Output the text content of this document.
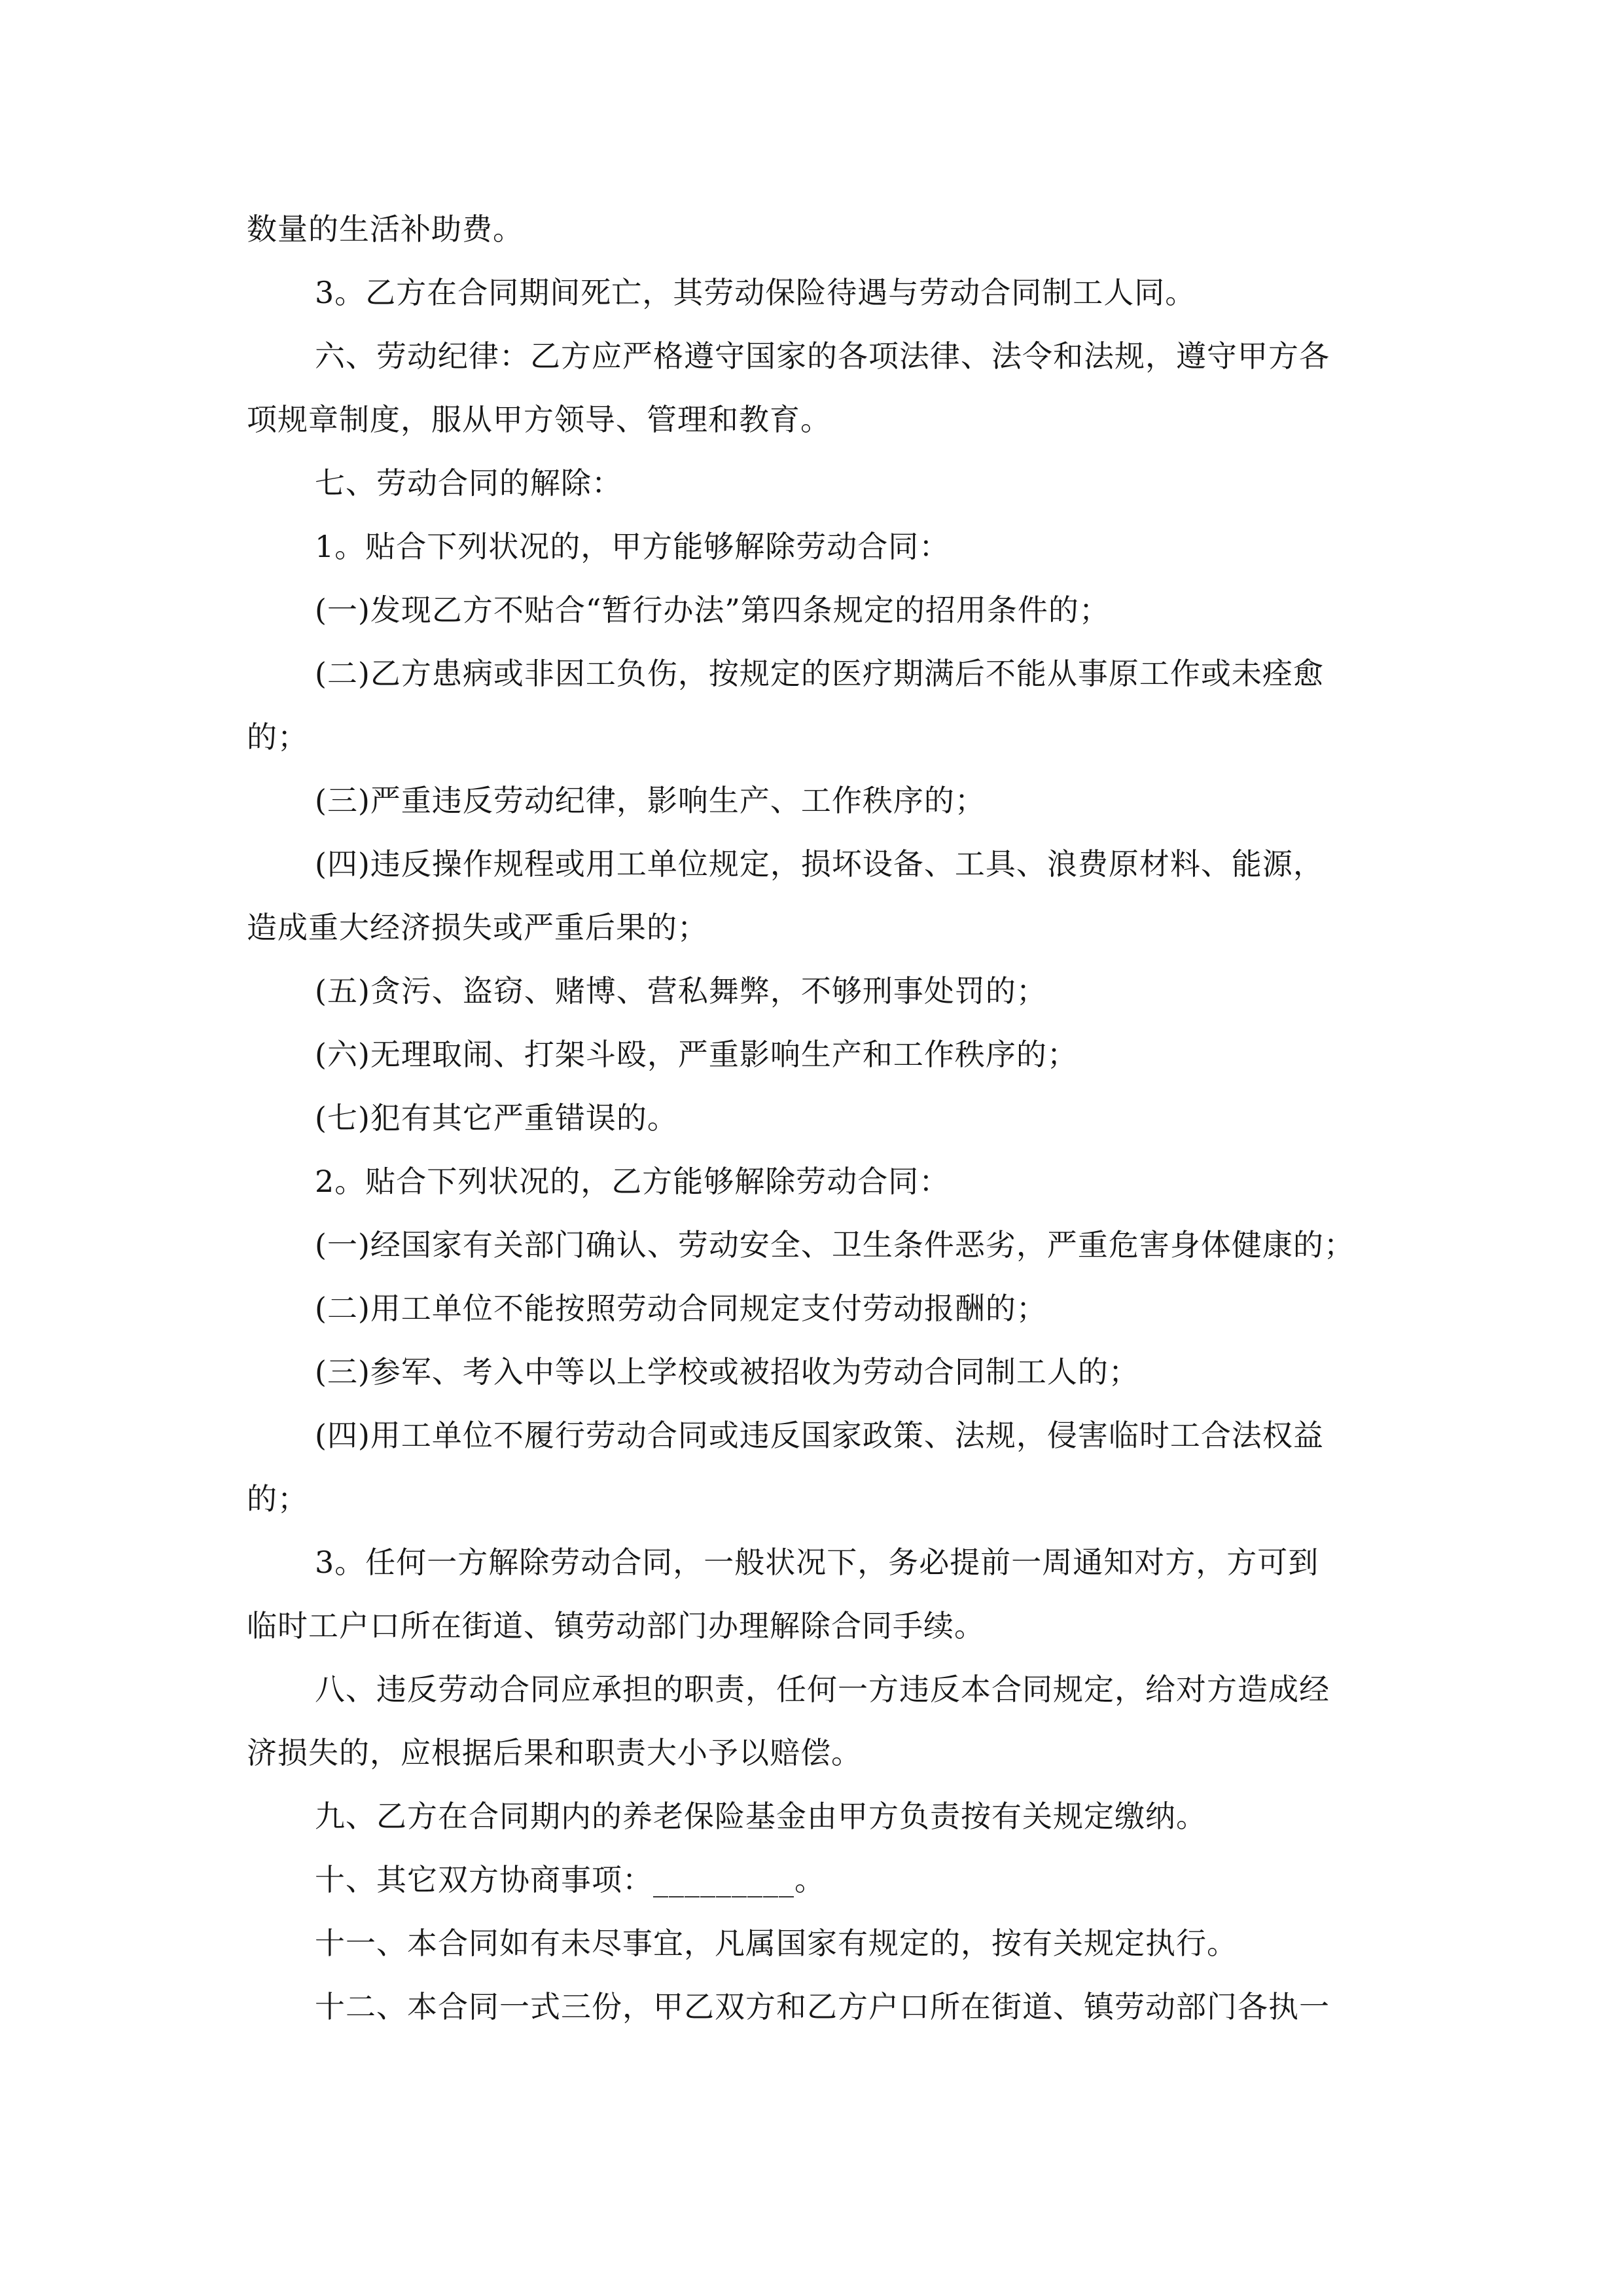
数量的生活补助费。

3。乙方在合同期间死亡，其劳动保险待遇与劳动合同制工人同。

六、劳动纪律：乙方应严格遵守国家的各项法律、法令和法规，遵守甲方各

项规章制度，服从甲方领导、管理和教育。

七、劳动合同的解除：

1。贴合下列状况的，甲方能够解除劳动合同：

(一)发现乙方不贴合“暂行办法”第四条规定的招用条件的；

(二)乙方患病或非因工负伤，按规定的医疗期满后不能从事原工作或未痊愈

的；

(三)严重违反劳动纪律，影响生产、工作秩序的；

(四)违反操作规程或用工单位规定，损坏设备、工具、浪费原材料、能源，

造成重大经济损失或严重后果的；

(五)贪污、盗窃、赌博、营私舞弊，不够刑事处罚的；

(六)无理取闹、打架斗殴，严重影响生产和工作秩序的；

(七)犯有其它严重错误的。

2。贴合下列状况的，乙方能够解除劳动合同：

(一)经国家有关部门确认、劳动安全、卫生条件恶劣，严重危害身体健康的；

(二)用工单位不能按照劳动合同规定支付劳动报酬的；

(三)参军、考入中等以上学校或被招收为劳动合同制工人的；

(四)用工单位不履行劳动合同或违反国家政策、法规，侵害临时工合法权益

的；

3。任何一方解除劳动合同，一般状况下，务必提前一周通知对方，方可到

临时工户口所在街道、镇劳动部门办理解除合同手续。

八、违反劳动合同应承担的职责，任何一方违反本合同规定，给对方造成经

济损失的，应根据后果和职责大小予以赔偿。

九、乙方在合同期内的养老保险基金由甲方负责按有关规定缴纳。

十、其它双方协商事项：_________。

十一、本合同如有未尽事宜，凡属国家有规定的，按有关规定执行。

十二、本合同一式三份，甲乙双方和乙方户口所在街道、镇劳动部门各执一
